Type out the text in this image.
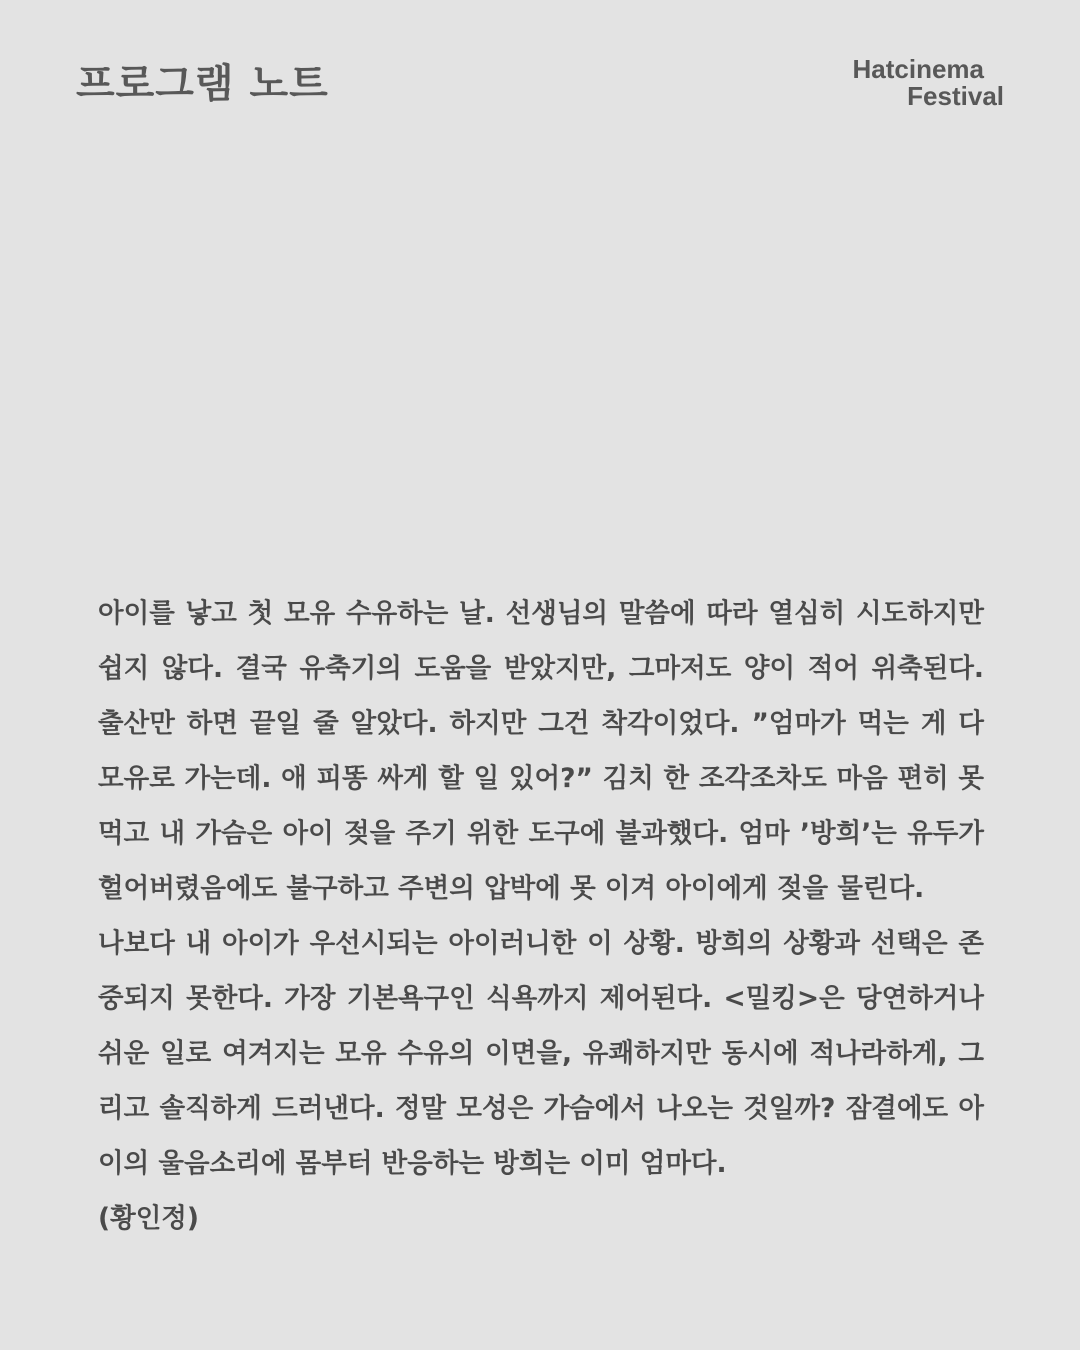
프로그램 노트	Hatcinema
Festival

아이를 낳고 첫 모유 수유하는 날. 선생님의 말씀에 따라 열심히 시도하지만 쉽지 않다. 결국 유축기의 도움을 받았지만, 그마저도 양이 적어 위축된다. 출산만 하면 끝일 줄 알았다. 하지만 그건 착각이었다. ”엄마가 먹는 게 다 모유로 가는데. 애 피똥 싸게 할 일 있어?” 김치 한 조각조차도 마음 편히 못 먹고 내 가슴은 아이 젖을 주기 위한 도구에 불과했다. 엄마 ’방희’는 유두가 헐어버렸음에도 불구하고 주변의 압박에 못 이겨 아이에게 젖을 물린다.

나보다 내 아이가 우선시되는 아이러니한 이 상황. 방희의 상황과 선택은 존중되지 못한다. 가장 기본욕구인 식욕까지 제어된다. <밀킹>은 당연하거나 쉬운 일로 여겨지는 모유 수유의 이면을, 유쾌하지만 동시에 적나라하게, 그리고 솔직하게 드러낸다. 정말 모성은 가슴에서 나오는 것일까? 잠결에도 아이의 울음소리에 몸부터 반응하는 방희는 이미 엄마다.

(황인정)
